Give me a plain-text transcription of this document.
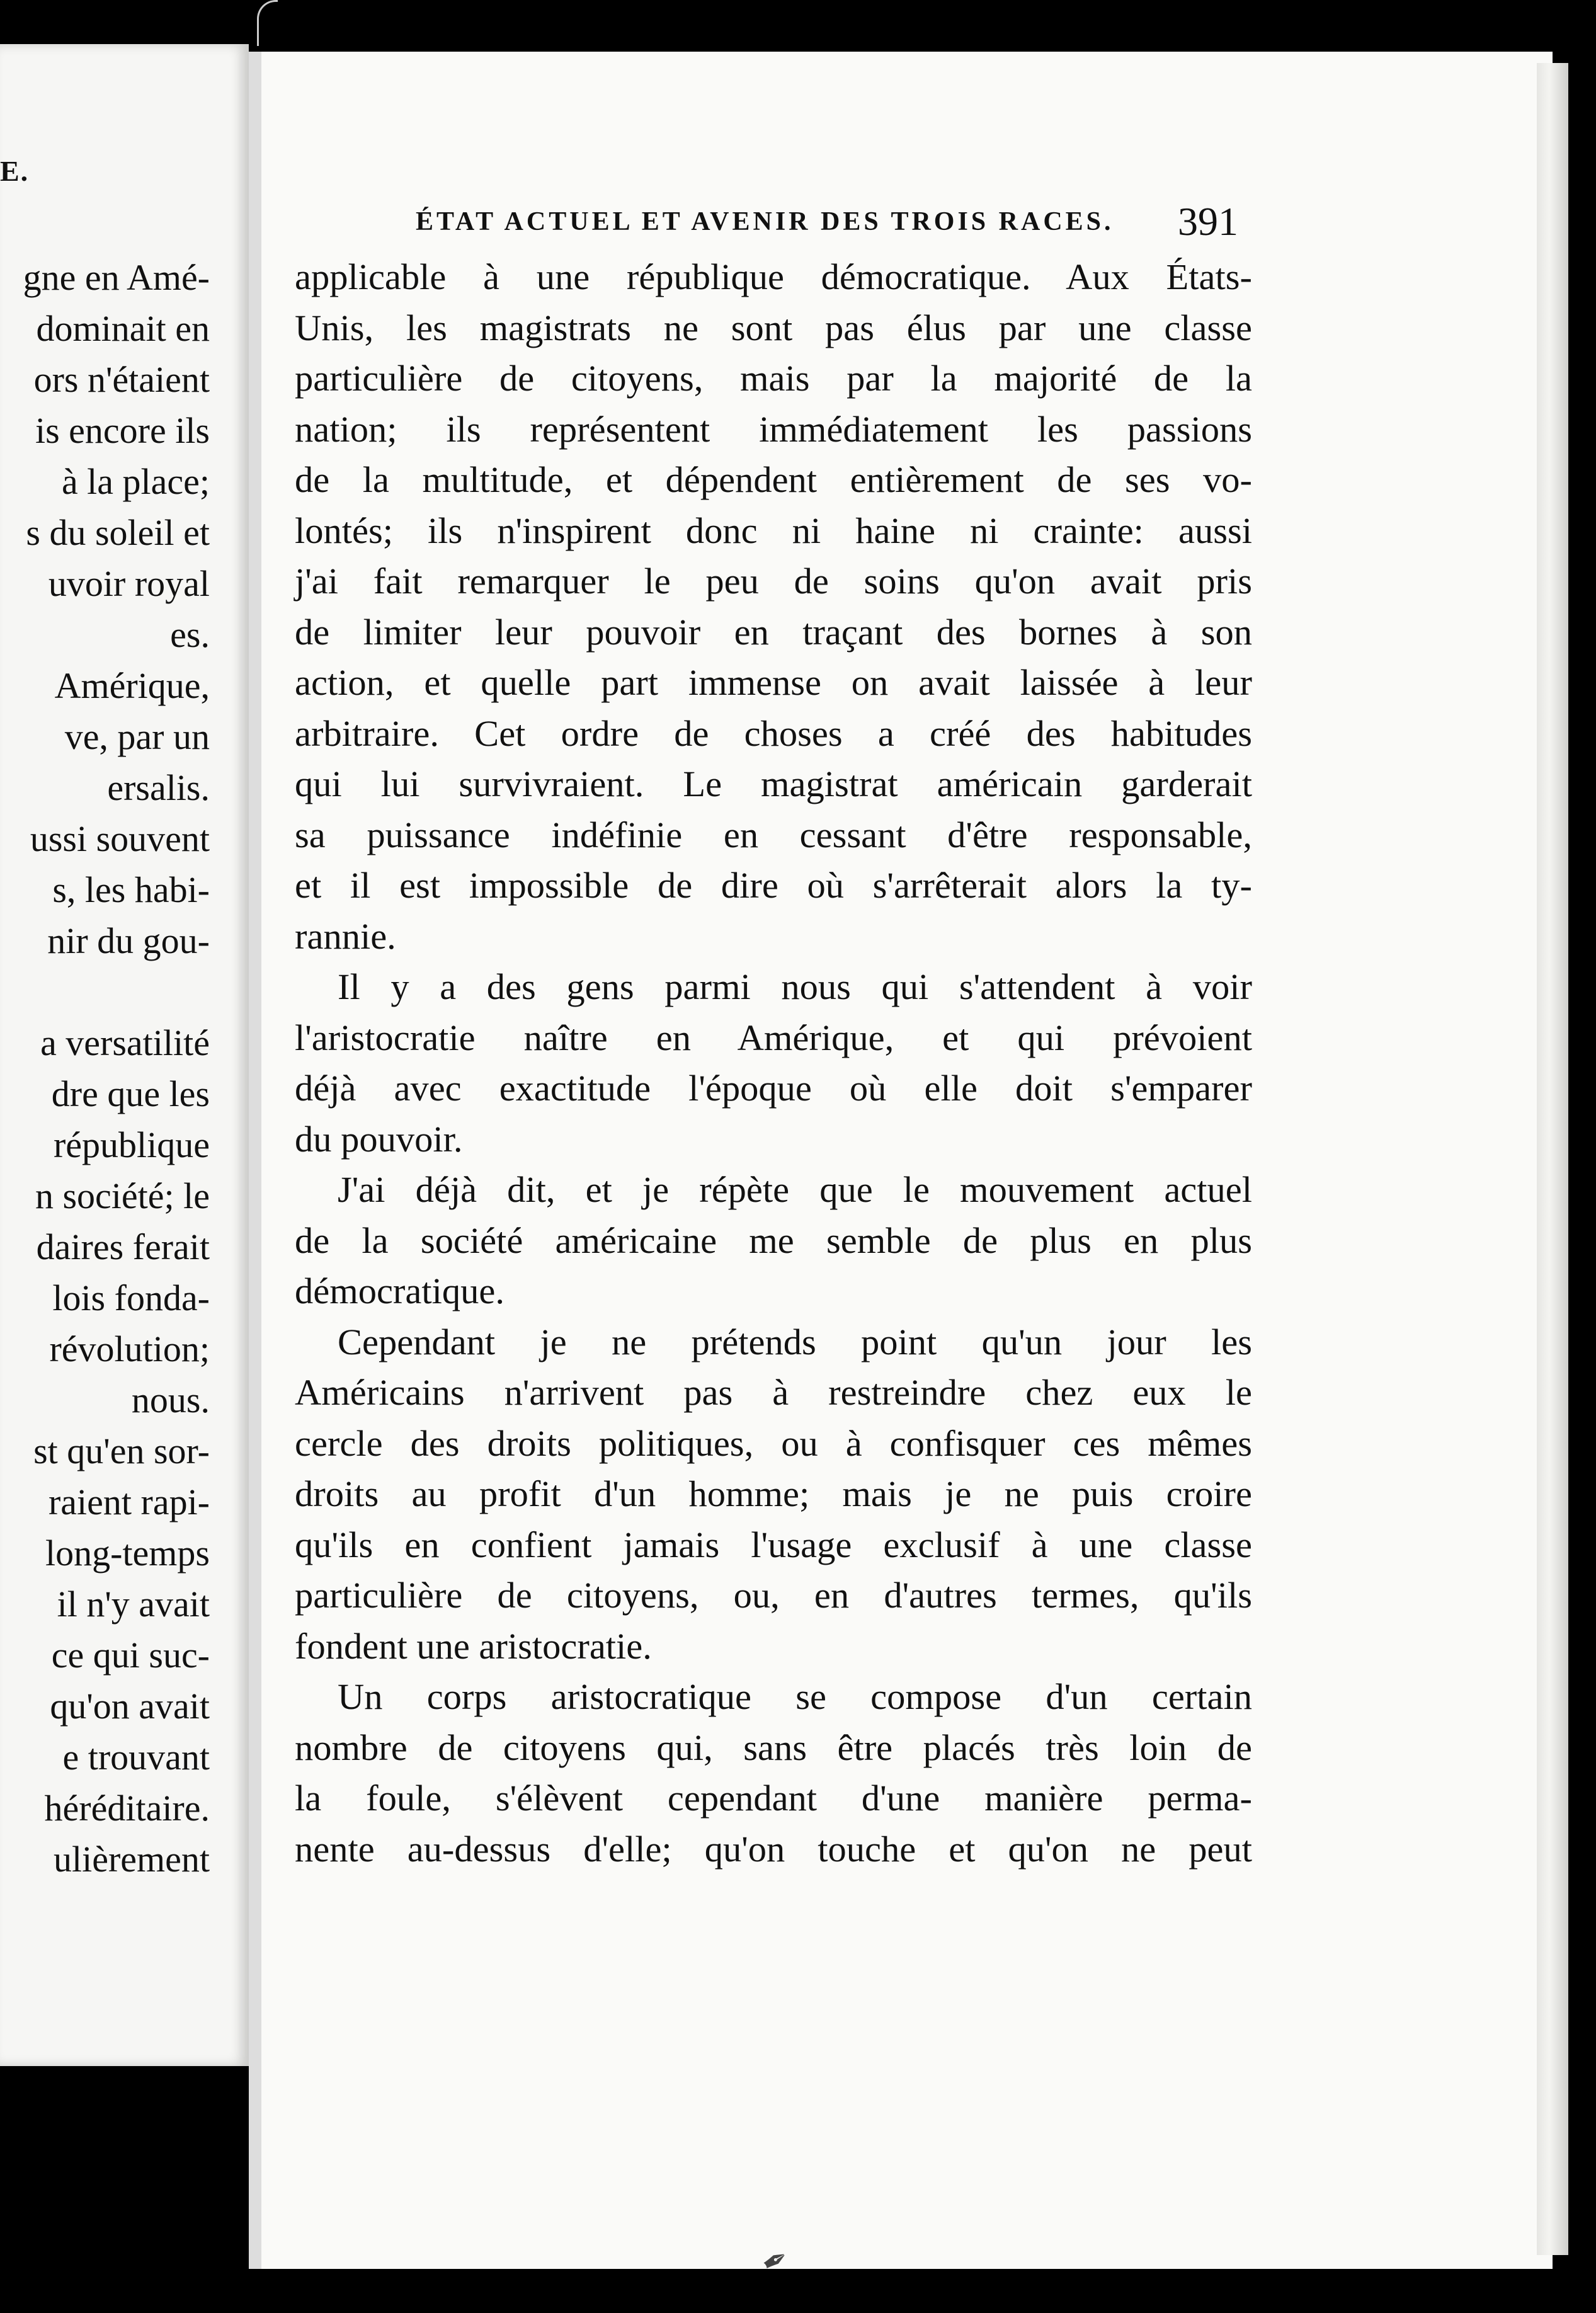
E.
gne en Amé-
dominait en
ors n'étaient
is encore ils
à la place;
s du soleil et
uvoir royal
es.
Amérique,
ve, par un
ersalis.
ussi souvent
s, les habi-
nir du gou-

a versatilité
dre que les
république
n société; le
daires ferait
lois fonda-
révolution;
nous.
st qu'en sor-
raient rapi-
long-temps
il n'y avait
ce qui suc-
qu'on avait
e trouvant
héréditaire.
ulièrement
ÉTAT ACTUEL ET AVENIR DES TROIS RACES. 391
applicable à une république démocratique. Aux États-
Unis, les magistrats ne sont pas élus par une classe
particulière de citoyens, mais par la majorité de la
nation; ils représentent immédiatement les passions
de la multitude, et dépendent entièrement de ses vo-
lontés; ils n'inspirent donc ni haine ni crainte: aussi
j'ai fait remarquer le peu de soins qu'on avait pris
de limiter leur pouvoir en traçant des bornes à son
action, et quelle part immense on avait laissée à leur
arbitraire. Cet ordre de choses a créé des habitudes
qui lui survivraient. Le magistrat américain garderait
sa puissance indéfinie en cessant d'être responsable,
et il est impossible de dire où s'arrêterait alors la ty-
rannie.
Il y a des gens parmi nous qui s'attendent à voir
l'aristocratie naître en Amérique, et qui prévoient
déjà avec exactitude l'époque où elle doit s'emparer
du pouvoir.
J'ai déjà dit, et je répète que le mouvement actuel
de la société américaine me semble de plus en plus
démocratique.
Cependant je ne prétends point qu'un jour les
Américains n'arrivent pas à restreindre chez eux le
cercle des droits politiques, ou à confisquer ces mêmes
droits au profit d'un homme; mais je ne puis croire
qu'ils en confient jamais l'usage exclusif à une classe
particulière de citoyens, ou, en d'autres termes, qu'ils
fondent une aristocratie.
Un corps aristocratique se compose d'un certain
nombre de citoyens qui, sans être placés très loin de
la foule, s'élèvent cependant d'une manière perma-
nente au-dessus d'elle; qu'on touche et qu'on ne peut
✒
